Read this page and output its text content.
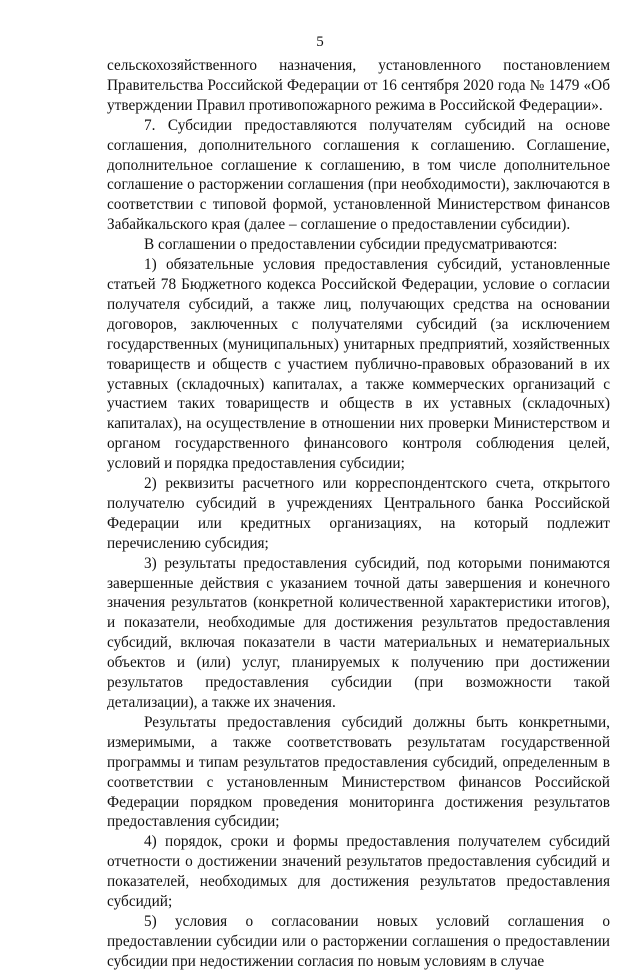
5

сельскохозяйственного назначения, установленного постановлением Правительства Российской Федерации от 16 сентября 2020 года № 1479 «Об утверждении Правил противопожарного режима в Российской Федерации».

7. Субсидии предоставляются получателям субсидий на основе соглашения, дополнительного соглашения к соглашению. Соглашение, дополнительное соглашение к соглашению, в том числе дополнительное соглашение о расторжении соглашения (при необходимости), заключаются в соответствии с типовой формой, установленной Министерством финансов Забайкальского края (далее – соглашение о предоставлении субсидии).

В соглашении о предоставлении субсидии предусматриваются:

1) обязательные условия предоставления субсидий, установленные статьей 78 Бюджетного кодекса Российской Федерации, условие о согласии получателя субсидий, а также лиц, получающих средства на основании договоров, заключенных с получателями субсидий (за исключением государственных (муниципальных) унитарных предприятий, хозяйственных товариществ и обществ с участием публично-правовых образований в их уставных (складочных) капиталах, а также коммерческих организаций с участием таких товариществ и обществ в их уставных (складочных) капиталах), на осуществление в отношении них проверки Министерством и органом государственного финансового контроля соблюдения целей, условий и порядка предоставления субсидии;

2) реквизиты расчетного или корреспондентского счета, открытого получателю субсидий в учреждениях Центрального банка Российской Федерации или кредитных организациях, на который подлежит перечислению субсидия;

3) результаты предоставления субсидий, под которыми понимаются завершенные действия с указанием точной даты завершения и конечного значения результатов (конкретной количественной характеристики итогов), и показатели, необходимые для достижения результатов предоставления субсидий, включая показатели в части материальных и нематериальных объектов и (или) услуг, планируемых к получению при достижении результатов предоставления субсидии (при возможности такой детализации), а также их значения.

Результаты предоставления субсидий должны быть конкретными, измеримыми, а также соответствовать результатам государственной программы и типам результатов предоставления субсидий, определенным в соответствии с установленным Министерством финансов Российской Федерации порядком проведения мониторинга достижения результатов предоставления субсидии;

4) порядок, сроки и формы предоставления получателем субсидий отчетности о достижении значений результатов предоставления субсидий и показателей, необходимых для достижения результатов предоставления субсидий;

5) условия о согласовании новых условий соглашения о предоставлении субсидии или о расторжении соглашения о предоставлении субсидии при недостижении согласия по новым условиям в случае
